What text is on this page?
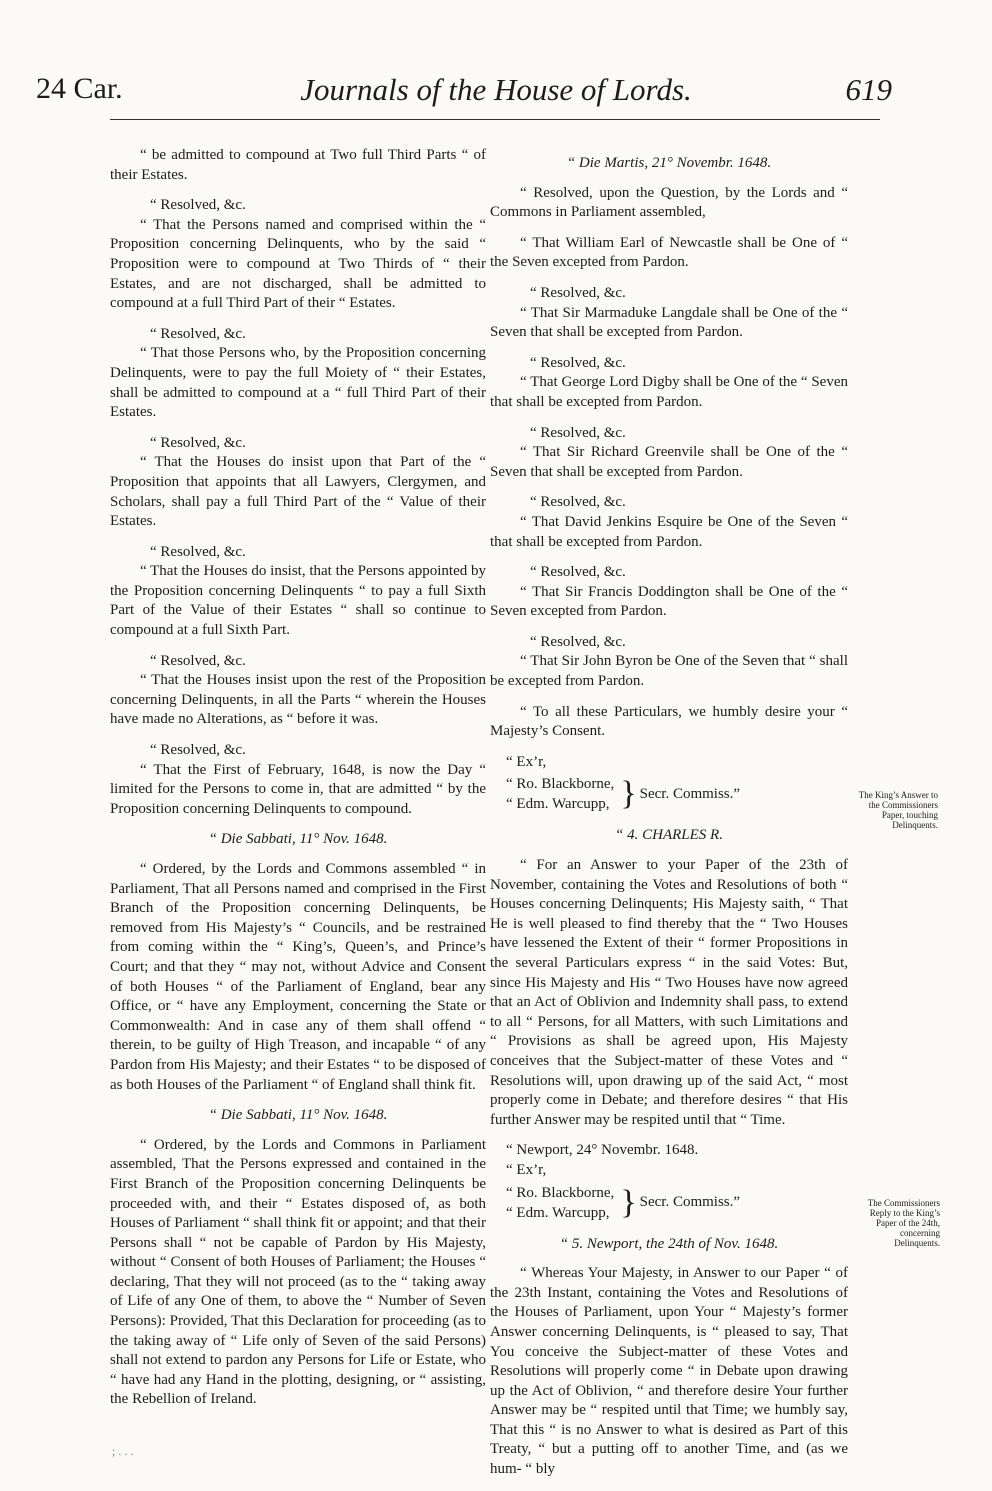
24 Car.	Journals of the House of Lords.	619

“ be admitted to compound at Two full Third Parts “ of their Estates.

“ Resolved, &c.

“ That the Persons named and comprised within the “ Proposition concerning Delinquents, who by the said “ Proposition were to compound at Two Thirds of “ their Estates, and are not discharged, shall be admitted to compound at a full Third Part of their “ Estates.

“ Resolved, &c.

“ That those Persons who, by the Proposition concerning Delinquents, were to pay the full Moiety of “ their Estates, shall be admitted to compound at a “ full Third Part of their Estates.

“ Resolved, &c.

“ That the Houses do insist upon that Part of the “ Proposition that appoints that all Lawyers, Clergymen, and Scholars, shall pay a full Third Part of the “ Value of their Estates.

“ Resolved, &c.

“ That the Houses do insist, that the Persons appointed by the Proposition concerning Delinquents “ to pay a full Sixth Part of the Value of their Estates “ shall so continue to compound at a full Sixth Part.

“ Resolved, &c.

“ That the Houses insist upon the rest of the Proposition concerning Delinquents, in all the Parts “ wherein the Houses have made no Alterations, as “ before it was.

“ Resolved, &c.

“ That the First of February, 1648, is now the Day “ limited for the Persons to come in, that are admitted “ by the Proposition concerning Delinquents to compound.

“ Die Sabbati, 11° Nov. 1648.

“ Ordered, by the Lords and Commons assembled “ in Parliament, That all Persons named and comprised in the First Branch of the Proposition concerning Delinquents, be removed from His Majesty’s “ Councils, and be restrained from coming within the “ King’s, Queen’s, and Prince’s Court; and that they “ may not, without Advice and Consent of both Houses “ of the Parliament of England, bear any Office, or “ have any Employment, concerning the State or Commonwealth: And in case any of them shall offend “ therein, to be guilty of High Treason, and incapable “ of any Pardon from His Majesty; and their Estates “ to be disposed of as both Houses of the Parliament “ of England shall think fit.

“ Die Sabbati, 11° Nov. 1648.

“ Ordered, by the Lords and Commons in Parliament assembled, That the Persons expressed and contained in the First Branch of the Proposition concerning Delinquents be proceeded with, and their “ Estates disposed of, as both Houses of Parliament “ shall think fit or appoint; and that their Persons shall “ not be capable of Pardon by His Majesty, without “ Consent of both Houses of Parliament; the Houses “ declaring, That they will not proceed (as to the “ taking away of Life of any One of them, to above the “ Number of Seven Persons): Provided, That this Declaration for proceeding (as to the taking away of “ Life only of Seven of the said Persons) shall not extend to pardon any Persons for Life or Estate, who “ have had any Hand in the plotting, designing, or “ assisting, the Rebellion of Ireland.

“ Die Martis, 21° Novembr. 1648.

“ Resolved, upon the Question, by the Lords and “ Commons in Parliament assembled,

“ That William Earl of Newcastle shall be One of “ the Seven excepted from Pardon.

“ Resolved, &c.

“ That Sir Marmaduke Langdale shall be One of the “ Seven that shall be excepted from Pardon.

“ Resolved, &c.

“ That George Lord Digby shall be One of the “ Seven that shall be excepted from Pardon.

“ Resolved, &c.

“ That Sir Richard Greenvile shall be One of the “ Seven that shall be excepted from Pardon.

“ Resolved, &c.

“ That David Jenkins Esquire be One of the Seven “ that shall be excepted from Pardon.

“ Resolved, &c.

“ That Sir Francis Doddington shall be One of the “ Seven excepted from Pardon.

“ Resolved, &c.

“ That Sir John Byron be One of the Seven that “ shall be excepted from Pardon.

“ To all these Particulars, we humbly desire your “ Majesty’s Consent.

“ Ex’r,

“ Ro. Blackborne,
“ Edm. Warcupp, } Secr. Commiss.”

“ 4. CHARLES R.

“ For an Answer to your Paper of the 23th of November, containing the Votes and Resolutions of both “ Houses concerning Delinquents; His Majesty saith, “ That He is well pleased to find thereby that the “ Two Houses have lessened the Extent of their “ former Propositions in the several Particulars express “ in the said Votes: But, since His Majesty and His “ Two Houses have now agreed that an Act of Oblivion and Indemnity shall pass, to extend to all “ Persons, for all Matters, with such Limitations and “ Provisions as shall be agreed upon, His Majesty conceives that the Subject-matter of these Votes and “ Resolutions will, upon drawing up of the said Act, “ most properly come in Debate; and therefore desires “ that His further Answer may be respited until that “ Time.

“ Newport, 24° Novembr. 1648.

“ Ex’r,

“ Ro. Blackborne,
“ Edm. Warcupp, } Secr. Commiss.”

“ 5. Newport, the 24th of Nov. 1648.

“ Whereas Your Majesty, in Answer to our Paper “ of the 23th Instant, containing the Votes and Resolutions of the Houses of Parliament, upon Your “ Majesty’s former Answer concerning Delinquents, is “ pleased to say, That You conceive the Subject-matter of these Votes and Resolutions will properly come “ in Debate upon drawing up the Act of Oblivion, “ and therefore desire Your further Answer may be “ respited until that Time; we humbly say, That this “ is no Answer to what is desired as Part of this Treaty, “ but a putting off to another Time, and (as we hum- “ bly

The King’s Answer to the Commissioners Paper, touching Delinquents.
The Commissioners Reply to the King’s Paper of the 24th, concerning Delinquents.
; . . .
